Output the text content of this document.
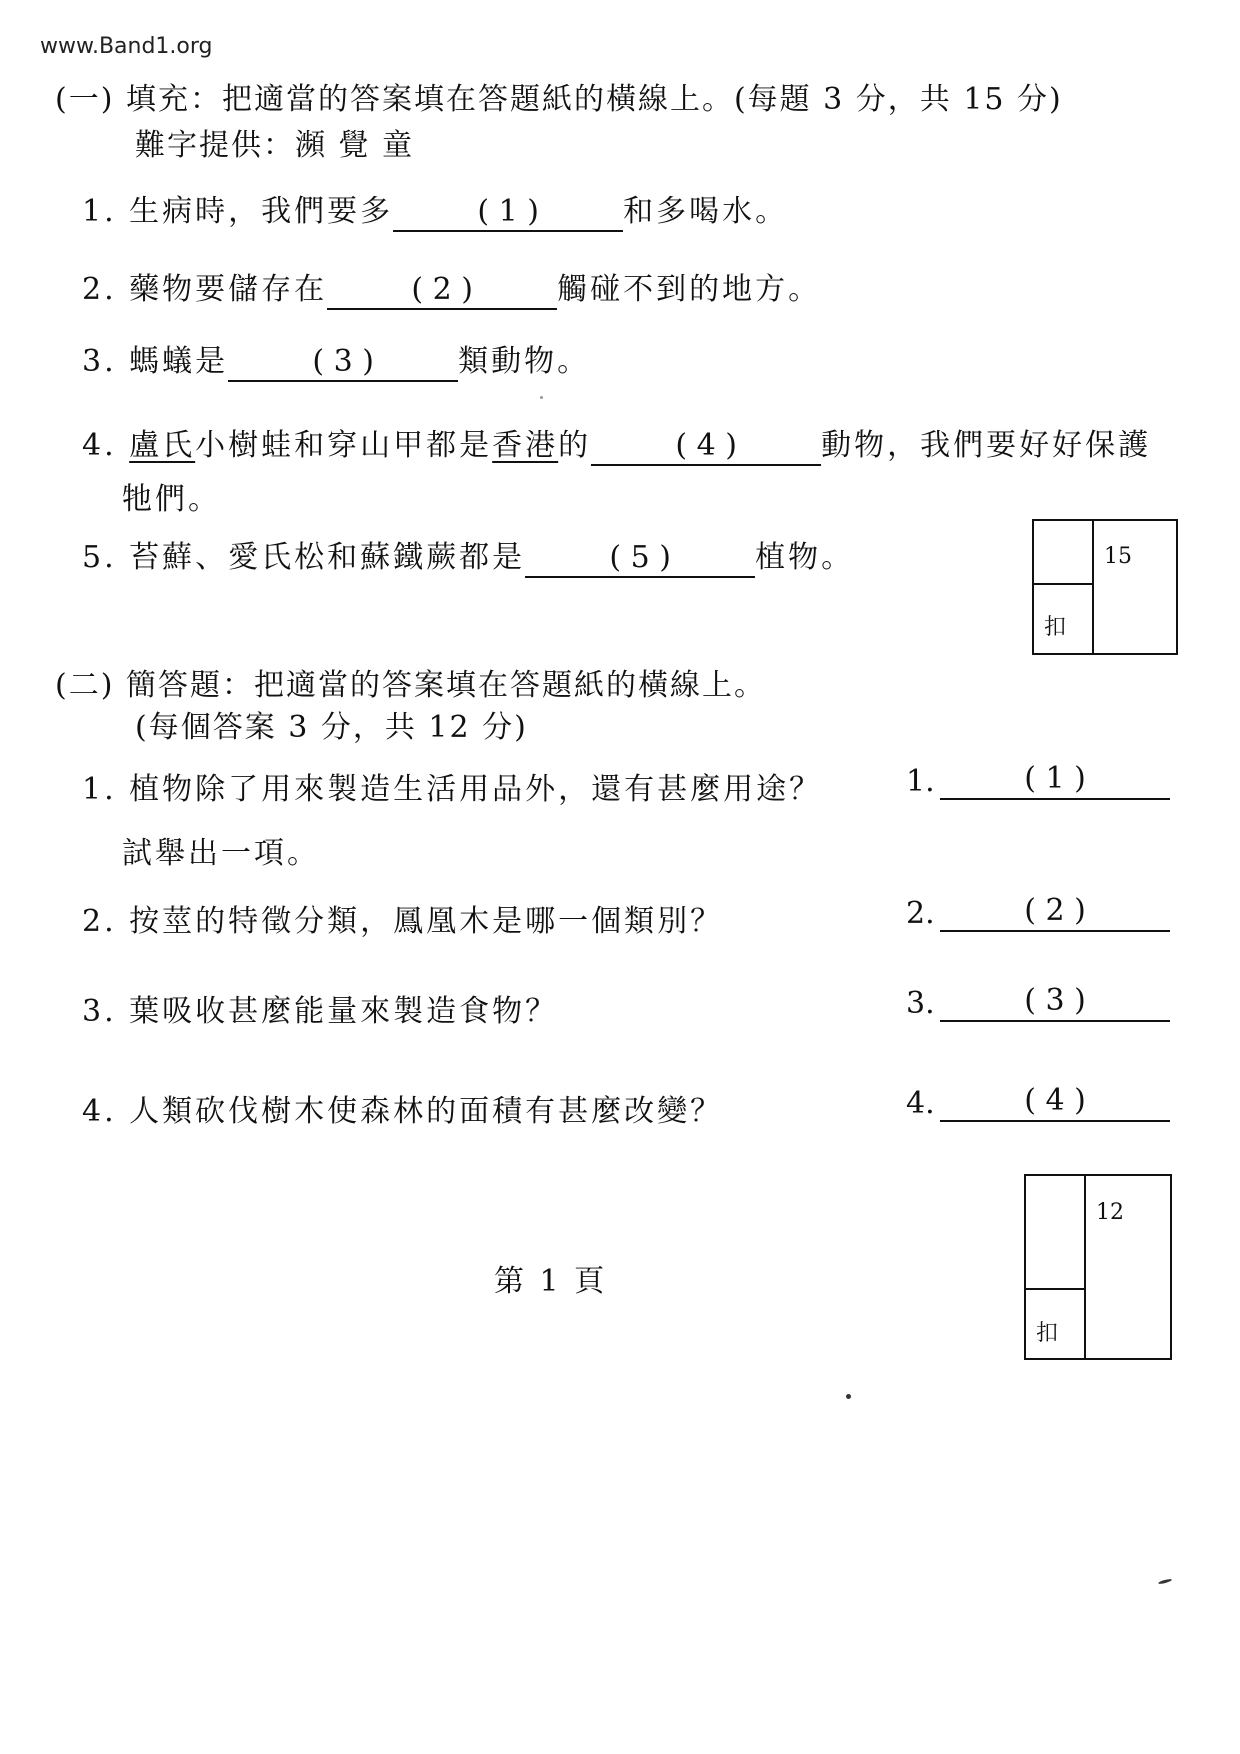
www.Band1.org
(一) 填充：把適當的答案填在答題紙的橫線上。(每題 3 分，共 15 分)
難字提供：瀕 覺 童
1. 生病時，我們要多	( 1 )	和多喝水。
2. 藥物要儲存在	( 2 )	觸碰不到的地方。
3. 螞蟻是	( 3 )	類動物。
4. 盧氏小樹蛙和穿山甲都是香港的	( 4 )	動物，我們要好好保護
牠們。
5. 苔蘚、愛氏松和蘇鐵蕨都是	( 5 )	植物。	15
扣
(二) 簡答題：把適當的答案填在答題紙的橫線上。
(每個答案 3 分，共 12 分)
1. 植物除了用來製造生活用品外，還有甚麼用途？
試舉出一項。
1.	( 1 )
2. 按莖的特徵分類，鳳凰木是哪一個類別？	2.	( 2 )
3. 葉吸收甚麼能量來製造食物？	3.	( 3 )
4. 人類砍伐樹木使森林的面積有甚麼改變？	4.	( 4 )
12
扣
第 1 頁
